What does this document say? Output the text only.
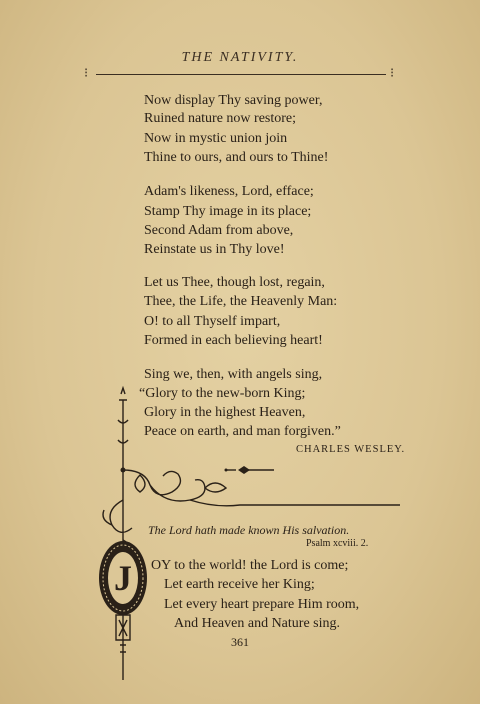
THE NATIVITY.
⁝	⁝
Now display Thy saving power,
Ruined nature now restore;
Now in mystic union join
Thine to ours, and ours to Thine!
Adam's likeness, Lord, efface;
Stamp Thy image in its place;
Second Adam from above,
Reinstate us in Thy love!
Let us Thee, though lost, regain,
Thee, the Life, the Heavenly Man:
O! to all Thyself impart,
Formed in each believing heart!
Sing we, then, with angels sing,
“Glory to the new-born King;
Glory in the highest Heaven,
Peace on earth, and man forgiven.”
CHARLES WESLEY.
J
The Lord hath made known His salvation.
Psalm xcviii. 2.
OY to the world! the Lord is come;
Let earth receive her King;
Let every heart prepare Him room,
And Heaven and Nature sing.
361
